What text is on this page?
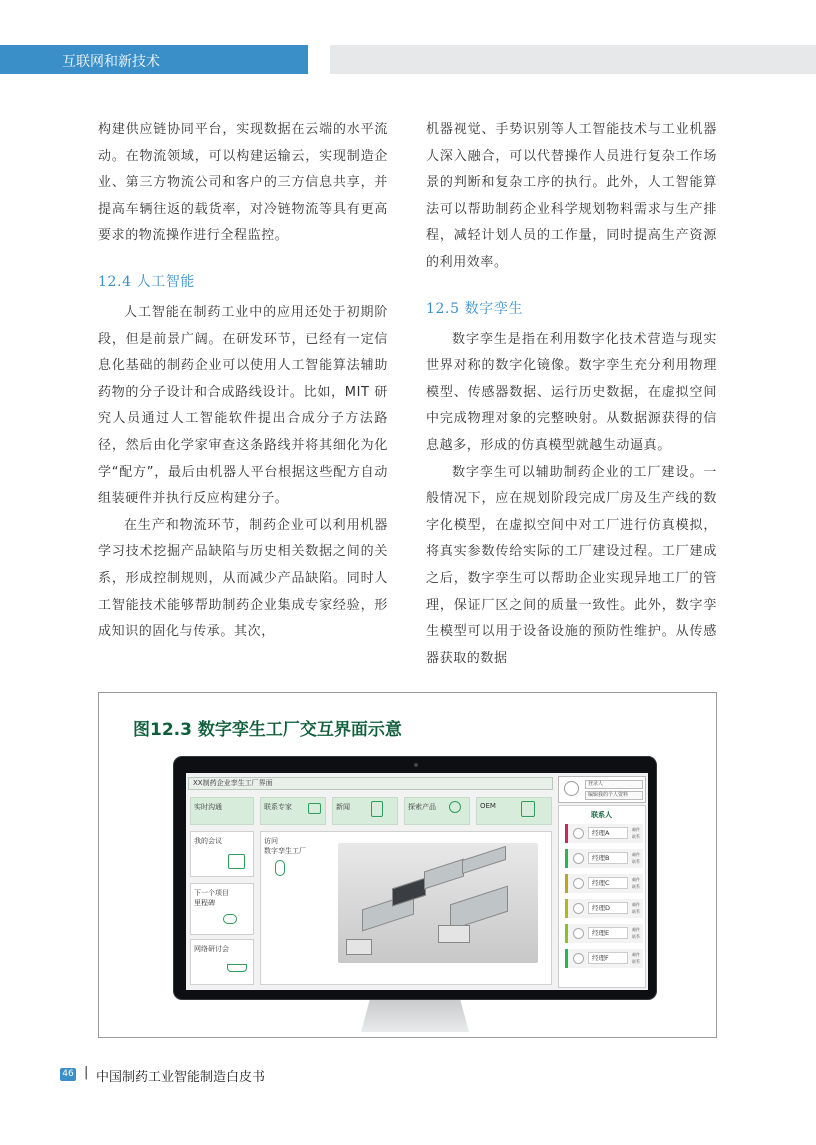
互联网和新技术

构建供应链协同平台，实现数据在云端的水平流动。在物流领域，可以构建运输云，实现制造企业、第三方物流公司和客户的三方信息共享，并提高车辆往返的载货率，对冷链物流等具有更高要求的物流操作进行全程监控。

12.4 人工智能

人工智能在制药工业中的应用还处于初期阶段，但是前景广阔。在研发环节，已经有一定信息化基础的制药企业可以使用人工智能算法辅助药物的分子设计和合成路线设计。比如，MIT 研究人员通过人工智能软件提出合成分子方法路径，然后由化学家审查这条路线并将其细化为化学“配方”，最后由机器人平台根据这些配方自动组装硬件并执行反应构建分子。

在生产和物流环节，制药企业可以利用机器学习技术挖掘产品缺陷与历史相关数据之间的关系，形成控制规则，从而减少产品缺陷。同时人工智能技术能够帮助制药企业集成专家经验，形成知识的固化与传承。其次，

机器视觉、手势识别等人工智能技术与工业机器人深入融合，可以代替操作人员进行复杂工作场景的判断和复杂工序的执行。此外，人工智能算法可以帮助制药企业科学规划物料需求与生产排程，减轻计划人员的工作量，同时提高生产资源的利用效率。

12.5 数字孪生

数字孪生是指在利用数字化技术营造与现实世界对称的数字化镜像。数字孪生充分利用物理模型、传感器数据、运行历史数据，在虚拟空间中完成物理对象的完整映射。从数据源获得的信息越多，形成的仿真模型就越生动逼真。

数字孪生可以辅助制药企业的工厂建设。一般情况下，应在规划阶段完成厂房及生产线的数字化模型，在虚拟空间中对工厂进行仿真模拟，将真实参数传给实际的工厂建设过程。工厂建成之后，数字孪生可以帮助企业实现异地工厂的管理，保证厂区之间的质量一致性。此外，数字孪生模型可以用于设备设施的预防性维护。从传感器获取的数据

图12.3 数字孪生工厂交互界面示意
XX制药企业孪生工厂界面	登录人
编辑我的个人资料
实时沟通	联系专家	新闻	探索产品	OEM
我的会议
下一个项目
里程碑
网络研讨会
访问
数字孪生工厂
联系人
经理A	邮件 联系
经理B	邮件 联系
经理C	邮件 联系
经理D	邮件 联系
经理E	邮件 联系
经理F	邮件 联系
46 | 中国制药工业智能制造白皮书
